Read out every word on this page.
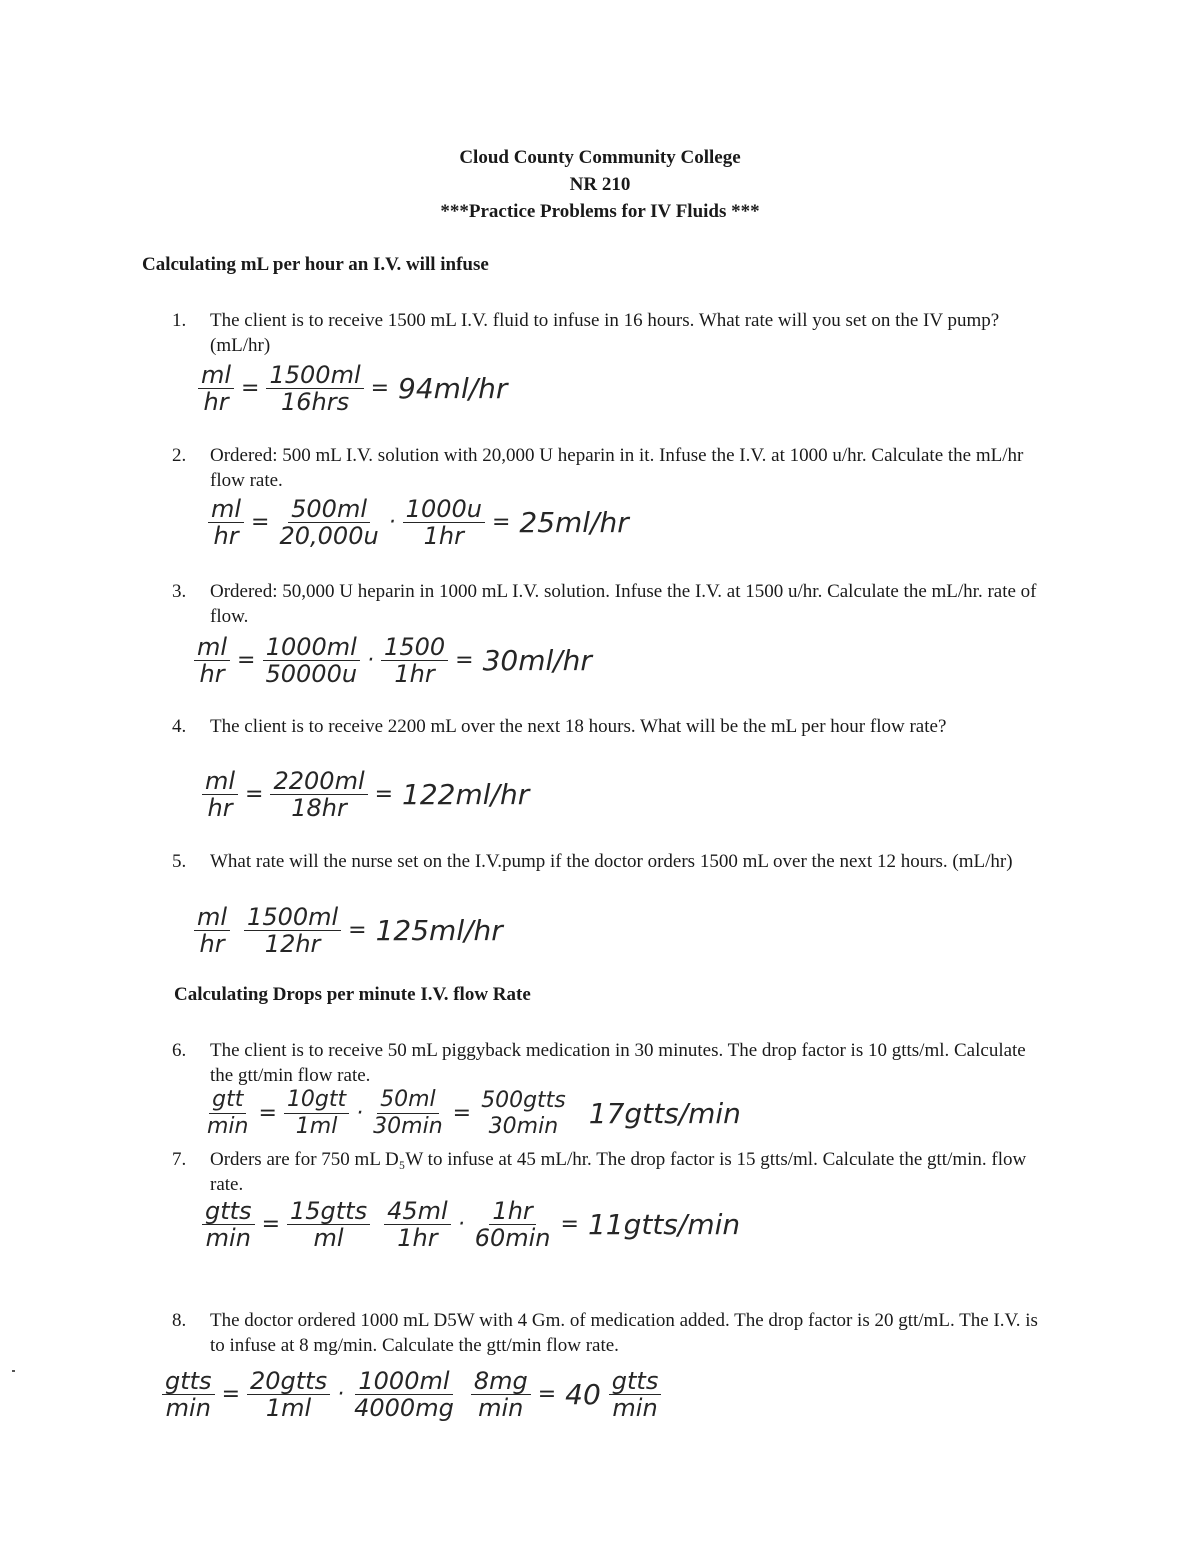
Cloud County Community College
NR 210
***Practice Problems for IV Fluids ***
Calculating mL per hour an I.V. will infuse
1. The client is to receive 1500 mL I.V. fluid to infuse in 16 hours. What rate will you set on the IV pump? (mL/hr)
$\frac{ml}{hr} = \frac{1500ml}{\text{16hrs}} = 94ml/hr$
2. Ordered: 500 mL I.V. solution with 20,000 U heparin in it. Infuse the I.V. at 1000 u/hr. Calculate the mL/hr flow rate.
$\frac{ml}{hr} = \frac{500ml}{20,000u} \cdot \frac{1000u}{1hr} = 25ml/hr$
3. Ordered: 50,000 U heparin in 1000 mL I.V. solution. Infuse the I.V. at 1500 u/hr. Calculate the mL/hr. rate of flow.
$\frac{ml}{hr} = \frac{1000ml}{50000u} \cdot \frac{1500}{1hr} = 30ml/hr$
4. The client is to receive 2200 mL over the next 18 hours. What will be the mL per hour flow rate?
$\frac{ml}{hr} = \frac{2200ml}{18hr} = 122ml/hr$
5. What rate will the nurse set on the I.V.pump if the doctor orders 1500 mL over the next 12 hours. (mL/hr)
$\frac{ml}{hr} \frac{1500ml}{12hr} = 125ml/hr$
Calculating Drops per minute I.V. flow Rate
6. The client is to receive 50 mL piggyback medication in 30 minutes. The drop factor is 10 gtts/ml. Calculate the gtt/min flow rate.
$\frac{\text{gtt}}{\min} = \frac{\text{10gtt}}{1ml} \cdot \frac{50ml}{30\min}$ =
500gtts
30min 17gtts/min
7. Orders are for 750 mL D₅W to infuse at 45 mL/hr. The drop factor is 15 gtts/ml. Calculate the gtt/min. flow rate.
$\frac{\text{gtts}}{\min} = \frac{\text{15gtts}}{ml} \frac{45ml}{1hr} \cdot \frac{1hr}{60\min}$ = 11gtts/min
8. The doctor ordered 1000 mL D5W with 4 Gm. of medication added. The drop factor is 20 gtt/mL. The I.V. is to infuse at 8 mg/min. Calculate the gtt/min flow rate.
$\frac{\text{gtts}}{\min} = \frac{\text{20gtts}}{1ml} \cdot \frac{1000ml}{4000mg} \frac{8mg}{\min} = 40 \frac{\text{gtts}}{\min}$
